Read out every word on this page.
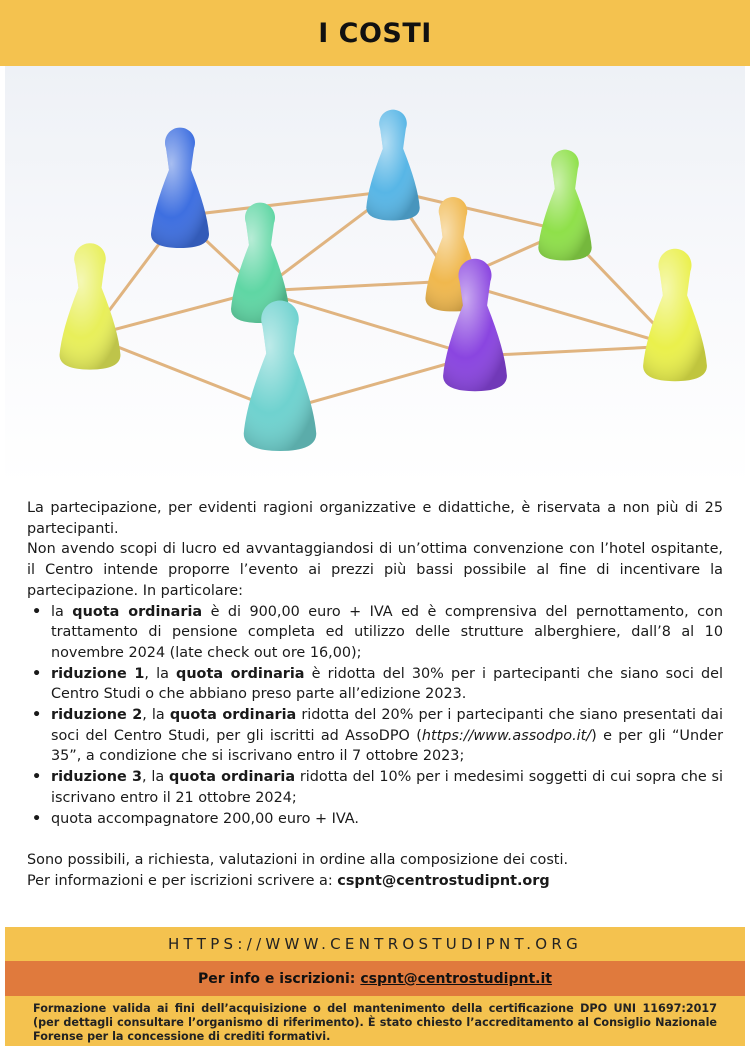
I COSTI

La partecipazione, per evidenti ragioni organizzative e didattiche, è riservata a non più di 25 partecipanti.

Non avendo scopi di lucro ed avvantaggiandosi di un’ottima convenzione con l’hotel ospitante, il Centro intende proporre l’evento ai prezzi più bassi possibile al fine di incentivare la partecipazione. In particolare:

• la quota ordinaria è di 900,00 euro + IVA ed è comprensiva del pernottamento, con trattamento di pensione completa ed utilizzo delle strutture alberghiere, dall’8 al 10 novembre 2024 (late check out ore 16,00);
• riduzione 1, la quota ordinaria è ridotta del 30% per i partecipanti che siano soci del Centro Studi o che abbiano preso parte all’edizione 2023.
• riduzione 2, la quota ordinaria ridotta del 20% per i partecipanti che siano presentati dai soci del Centro Studi, per gli iscritti ad AssoDPO (https://www.assodpo.it/) e per gli “Under 35”, a condizione che si iscrivano entro il 7 ottobre 2023;
• riduzione 3, la quota ordinaria ridotta del 10% per i medesimi soggetti di cui sopra che si iscrivano entro il 21 ottobre 2024;
• quota accompagnatore 200,00 euro + IVA.

Sono possibili, a richiesta, valutazioni in ordine alla composizione dei costi.

Per informazioni e per iscrizioni scrivere a: cspnt@centrostudipnt.org

HTTPS://WWW.CENTROSTUDIPNT.ORG
Per info e iscrizioni: cspnt@centrostudipnt.it
Formazione valida ai fini dell’acquisizione o del mantenimento della certificazione DPO UNI 11697:2017 (per dettagli consultare l’organismo di riferimento). È stato chiesto l’accreditamento al Consiglio Nazionale Forense per la concessione di crediti formativi.
